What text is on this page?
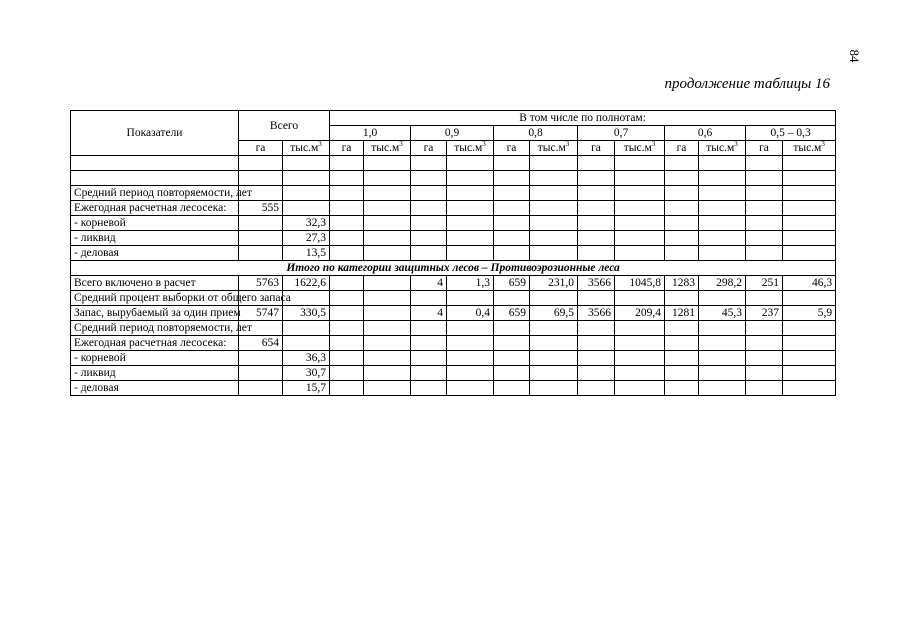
84
продолжение таблицы 16
Показатели	Всего		В том числе по полнотам:											
			1,0		0,9		0,8		0,7		0,6		0,5 – 0,3	
	га	$тыс.м^3$	га	$тыс.м^3$	га	$тыс.м^3$	га	$тыс.м^3$	га	$тыс.м^3$	га	$тыс.м^3$	га	$тыс.м^3$

Средний период повторяемости, лет														
Ежегодная расчетная лесосека:	555													
- корневой		32,3												
- ликвид		27,3												
- деловая		13,5												
Итого по категории защитных лесов – Противоэрозионные леса														
Всего включено в расчет	5763	1622,6			4	1,3	659	231,0	3566	1045,8	1283	298,2	251	46,3
Средний процент выборки от общего запаса														
Запас, вырубаемый за один прием	5747	330,5			4	0,4	659	69,5	3566	209,4	1281	45,3	237	5,9
Средний период повторяемости, лет														
Ежегодная расчетная лесосека:	654													
- корневой		36,3												
- ликвид		30,7												
- деловая		15,7												
